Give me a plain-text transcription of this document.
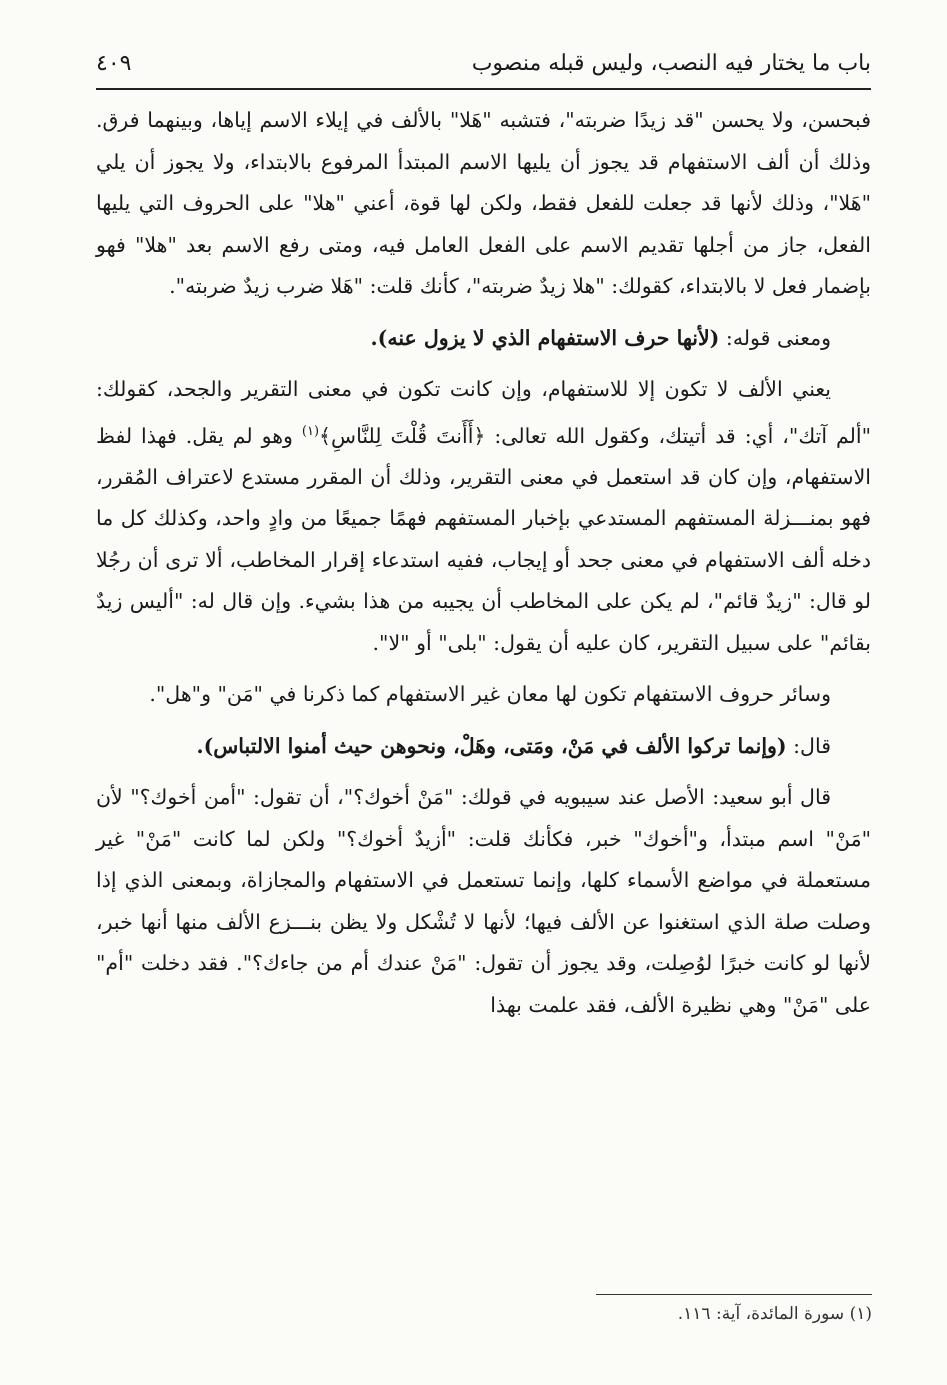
باب ما يختار فيه النصب، وليس قبله منصوب
٤٠٩

فبحسن، ولا يحسن "قد زيدًا ضربته"، فتشبه "هَلا" بالألف في إيلاء الاسم إياها، وبينهما فرق. وذلك أن ألف الاستفهام قد يجوز أن يليها الاسم المبتدأ المرفوع بالابتداء، ولا يجوز أن يلي "هَلا"، وذلك لأنها قد جعلت للفعل فقط، ولكن لها قوة، أعني "هلا" على الحروف التي يليها الفعل، جاز من أجلها تقديم الاسم على الفعل العامل فيه، ومتى رفع الاسم بعد "هلا" فهو بإضمار فعل لا بالابتداء، كقولك: "هلا زيدٌ ضربته"، كأنك قلت: "هَلا ضرب زيدٌ ضربته".

ومعنى قوله: (لأنها حرف الاستفهام الذي لا يزول عنه).

يعني الألف لا تكون إلا للاستفهام، وإن كانت تكون في معنى التقرير والجحد، كقولك: "ألم آتك"، أي: قد أتيتك، وكقول الله تعالى: ﴿أَأَنتَ قُلْتَ لِلنَّاسِ﴾$^{(١)}$ وهو لم يقل. فهذا لفظ الاستفهام، وإن كان قد استعمل في معنى التقرير، وذلك أن المقرر مستدع لاعتراف المُقرر، فهو بمنـــزلة المستفهم المستدعي بإخبار المستفهم فهمًا جميعًا من وادٍ واحد، وكذلك كل ما دخله ألف الاستفهام في معنى جحد أو إيجاب، ففيه استدعاء إقرار المخاطب، ألا ترى أن رجُلا لو قال: "زيدٌ قائم"، لم يكن على المخاطب أن يجيبه من هذا بشيء. وإن قال له: "أليس زيدٌ بقائم" على سبيل التقرير، كان عليه أن يقول: "بلى" أو "لا".

وسائر حروف الاستفهام تكون لها معان غير الاستفهام كما ذكرنا في "مَن" و"هل".

قال: (وإنما تركوا الألف في مَنْ، ومَتى، وهَلْ، ونحوهن حيث أمنوا الالتباس).

قال أبو سعيد: الأصل عند سيبويه في قولك: "مَنْ أخوك؟"، أن تقول: "أمن أخوك؟" لأن "مَنْ" اسم مبتدأ، و"أخوك" خبر، فكأنك قلت: "أزيدٌ أخوك؟" ولكن لما كانت "مَنْ" غير مستعملة في مواضع الأسماء كلها، وإنما تستعمل في الاستفهام والمجازاة، وبمعنى الذي إذا وصلت صلة الذي استغنوا عن الألف فيها؛ لأنها لا تُشْكل ولا يظن بنـــزع الألف منها أنها خبر، لأنها لو كانت خبرًا لوُصِلت، وقد يجوز أن تقول: "مَنْ عندك أم من جاءك؟". فقد دخلت "أم" على "مَنْ" وهي نظيرة الألف، فقد علمت بهذا

(١) سورة المائدة، آية: ١١٦.
